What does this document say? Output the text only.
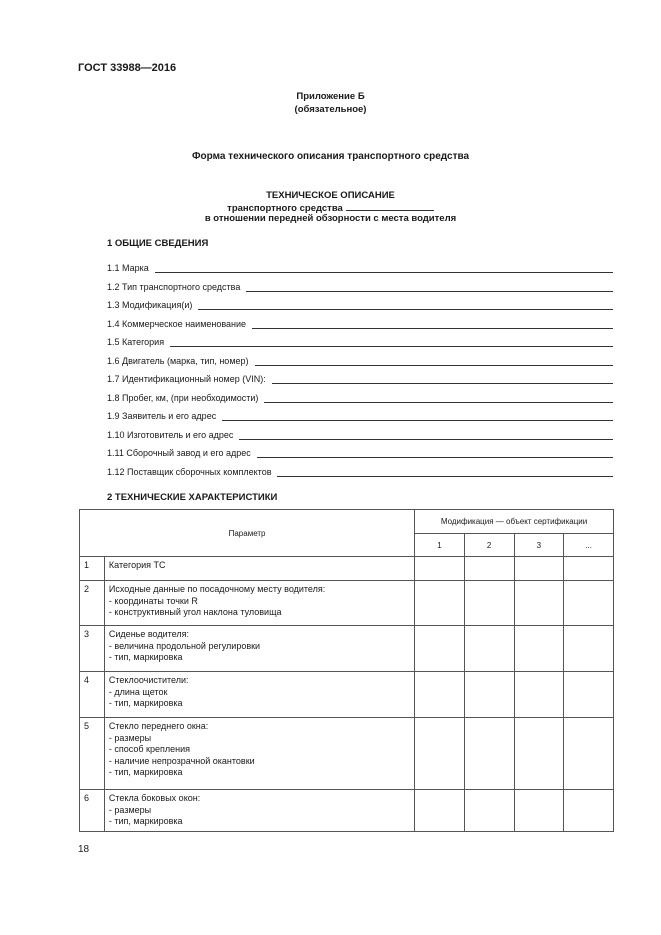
ГОСТ 33988—2016
Приложение Б
(обязательное)
Форма технического описания транспортного средства
ТЕХНИЧЕСКОЕ ОПИСАНИЕ
транспортного средства
в отношении передней обзорности с места водителя
1 ОБЩИЕ СВЕДЕНИЯ
1.1 Марка
1.2 Тип транспортного средства
1.3 Модификация(и)
1.4 Коммерческое наименование
1.5 Категория
1.6 Двигатель (марка, тип, номер)
1.7 Идентификационный номер (VIN):
1.8 Пробег, км, (при необходимости)
1.9 Заявитель и его адрес
1.10 Изготовитель и его адрес
1.11 Сборочный завод и его адрес
1.12 Поставщик сборочных комплектов
2 ТЕХНИЧЕСКИЕ ХАРАКТЕРИСТИКИ
Параметр		Модификация — объект сертификации			
		1	2	3	...
1	Категория ТС				

2	Исходные данные по посадочному месту водителя:
- координаты точки R
- конструктивный угол наклона туловища				

3	Сиденье водителя:
- величина продольной регулировки
- тип, маркировка				

4	Стеклоочистители:
- длина щеток
- тип, маркировка				

5	Стекло переднего окна:
- размеры
- способ крепления
- наличие непрозрачной окантовки
- тип, маркировка				

6	Стекла боковых окон:
- размеры
- тип, маркировка				

18
